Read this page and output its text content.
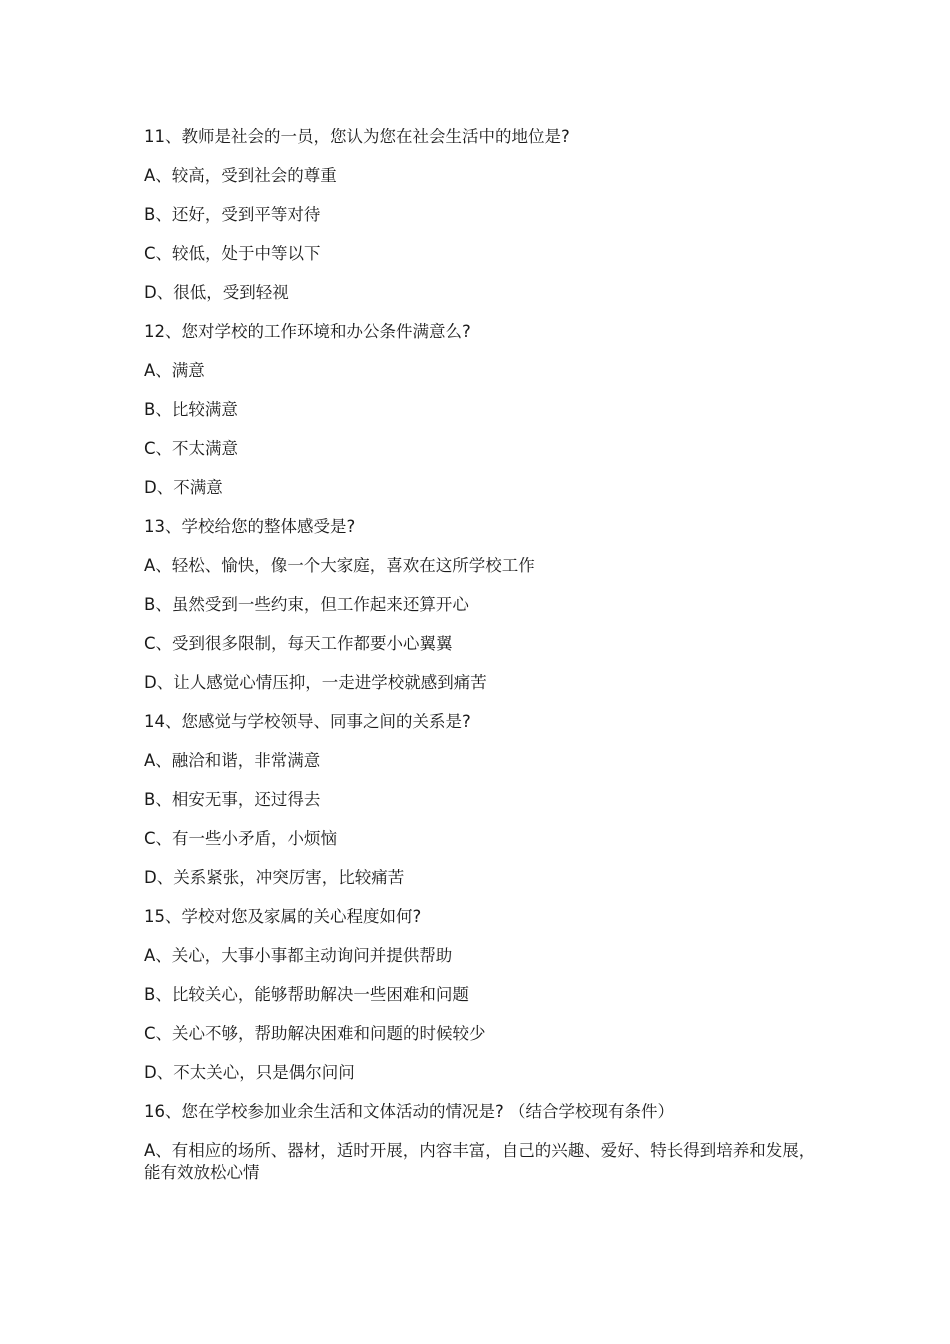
11、教师是社会的一员，您认为您在社会生活中的地位是?

A、较高，受到社会的尊重

B、还好，受到平等对待

C、较低，处于中等以下

D、很低，受到轻视

12、您对学校的工作环境和办公条件满意么?

A、满意

B、比较满意

C、不太满意

D、不满意

13、学校给您的整体感受是?

A、轻松、愉快，像一个大家庭，喜欢在这所学校工作

B、虽然受到一些约束，但工作起来还算开心

C、受到很多限制，每天工作都要小心翼翼

D、让人感觉心情压抑，一走进学校就感到痛苦

14、您感觉与学校领导、同事之间的关系是?

A、融洽和谐，非常满意

B、相安无事，还过得去

C、有一些小矛盾，小烦恼

D、关系紧张，冲突厉害，比较痛苦

15、学校对您及家属的关心程度如何?

A、关心，大事小事都主动询问并提供帮助

B、比较关心，能够帮助解决一些困难和问题

C、关心不够，帮助解决困难和问题的时候较少

D、不太关心，只是偶尔问问

16、您在学校参加业余生活和文体活动的情况是? （结合学校现有条件）

A、有相应的场所、器材，适时开展，内容丰富，自己的兴趣、爱好、特长得到培养和发展，能有效放松心情
